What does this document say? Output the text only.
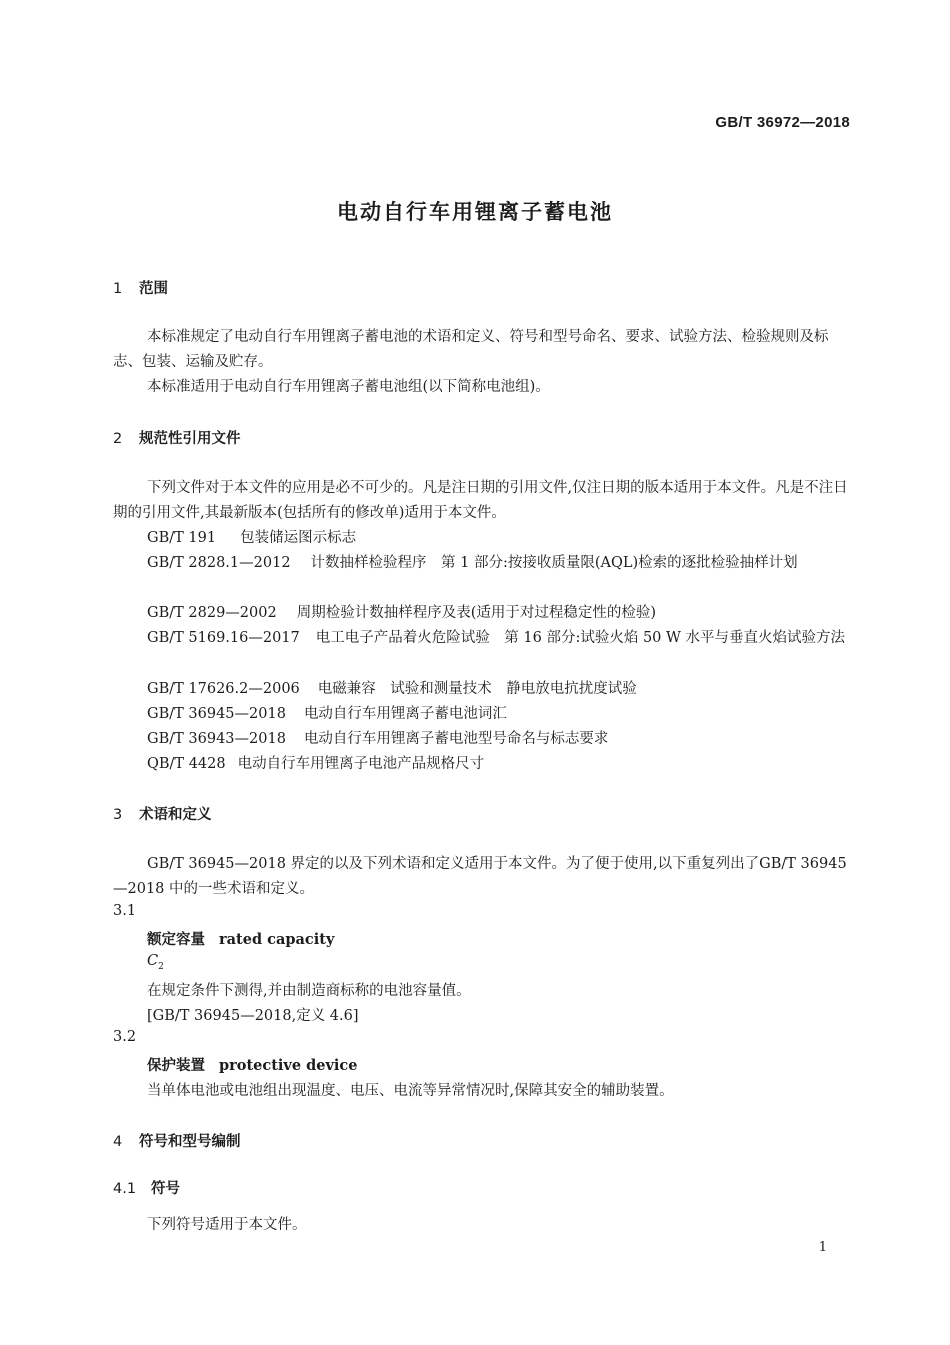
GB/T 36972—2018
电动自行车用锂离子蓄电池
1 范围
本标准规定了电动自行车用锂离子蓄电池的术语和定义、符号和型号命名、要求、试验方法、检验规则及标志、包装、运输及贮存。
本标准适用于电动自行车用锂离子蓄电池组(以下简称电池组)。
2 规范性引用文件
下列文件对于本文件的应用是必不可少的。凡是注日期的引用文件,仅注日期的版本适用于本文件。凡是不注日期的引用文件,其最新版本(包括所有的修改单)适用于本文件。
GB/T 191 包装储运图示标志
GB/T 2828.1—2012 计数抽样检验程序　第 1 部分:按接收质量限(AQL)检索的逐批检验抽样计划
GB/T 2829—2002 周期检验计数抽样程序及表(适用于对过程稳定性的检验)
GB/T 5169.16—2017 电工电子产品着火危险试验　第 16 部分:试验火焰 50 W 水平与垂直火焰试验方法
GB/T 17626.2—2006 电磁兼容　试验和测量技术　静电放电抗扰度试验
GB/T 36945—2018 电动自行车用锂离子蓄电池词汇
GB/T 36943—2018 电动自行车用锂离子蓄电池型号命名与标志要求
QB/T 4428 电动自行车用锂离子电池产品规格尺寸
3 术语和定义
GB/T 36945—2018 界定的以及下列术语和定义适用于本文件。为了便于使用,以下重复列出了GB/T 36945—2018 中的一些术语和定义。
3.1
额定容量 rated capacity
$C_2$
在规定条件下测得,并由制造商标称的电池容量值。
[GB/T 36945—2018,定义 4.6]
3.2
保护装置 protective device
当单体电池或电池组出现温度、电压、电流等异常情况时,保障其安全的辅助装置。
4 符号和型号编制
4.1 符号
下列符号适用于本文件。
1
